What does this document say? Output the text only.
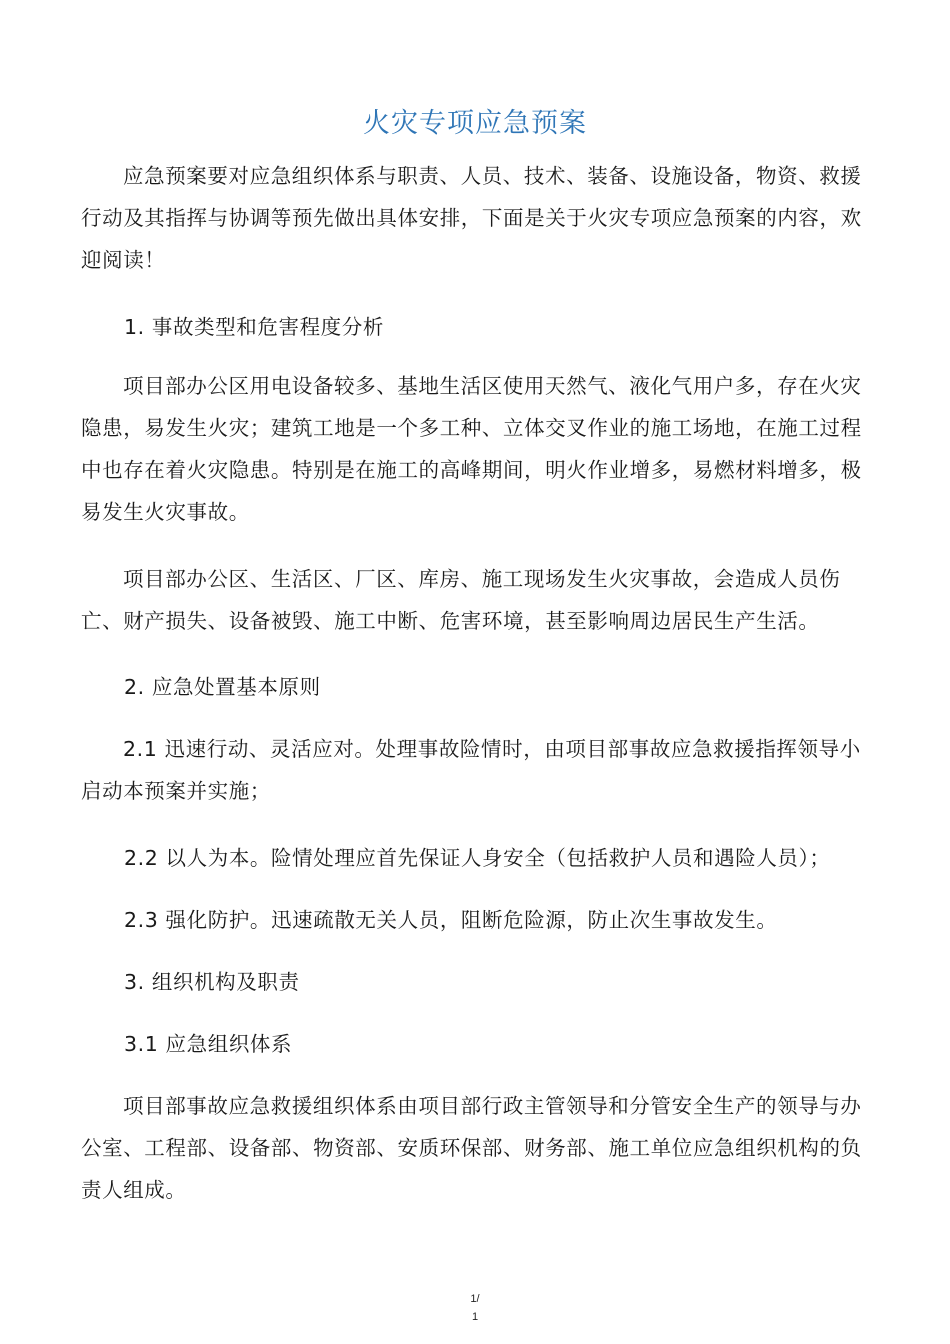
火灾专项应急预案

应急预案要对应急组织体系与职责、人员、技术、装备、设施设备，物资、救援行动及其指挥与协调等预先做出具体安排，下面是关于火灾专项应急预案的内容，欢迎阅读！

1. 事故类型和危害程度分析

项目部办公区用电设备较多、基地生活区使用天然气、液化气用户多，存在火灾隐患，易发生火灾；建筑工地是一个多工种、立体交叉作业的施工场地，在施工过程中也存在着火灾隐患。特别是在施工的高峰期间，明火作业增多，易燃材料增多，极易发生火灾事故。

项目部办公区、生活区、厂区、库房、施工现场发生火灾事故，会造成人员伤亡、财产损失、设备被毁、施工中断、危害环境，甚至影响周边居民生产生活。

2. 应急处置基本原则

2.1 迅速行动、灵活应对。处理事故险情时，由项目部事故应急救援指挥领导小启动本预案并实施；

2.2 以人为本。险情处理应首先保证人身安全（包括救护人员和遇险人员）；

2.3 强化防护。迅速疏散无关人员，阻断危险源，防止次生事故发生。

3. 组织机构及职责

3.1 应急组织体系

项目部事故应急救援组织体系由项目部行政主管领导和分管安全生产的领导与办公室、工程部、设备部、物资部、安质环保部、财务部、施工单位应急组织机构的负责人组成。

1/
1
